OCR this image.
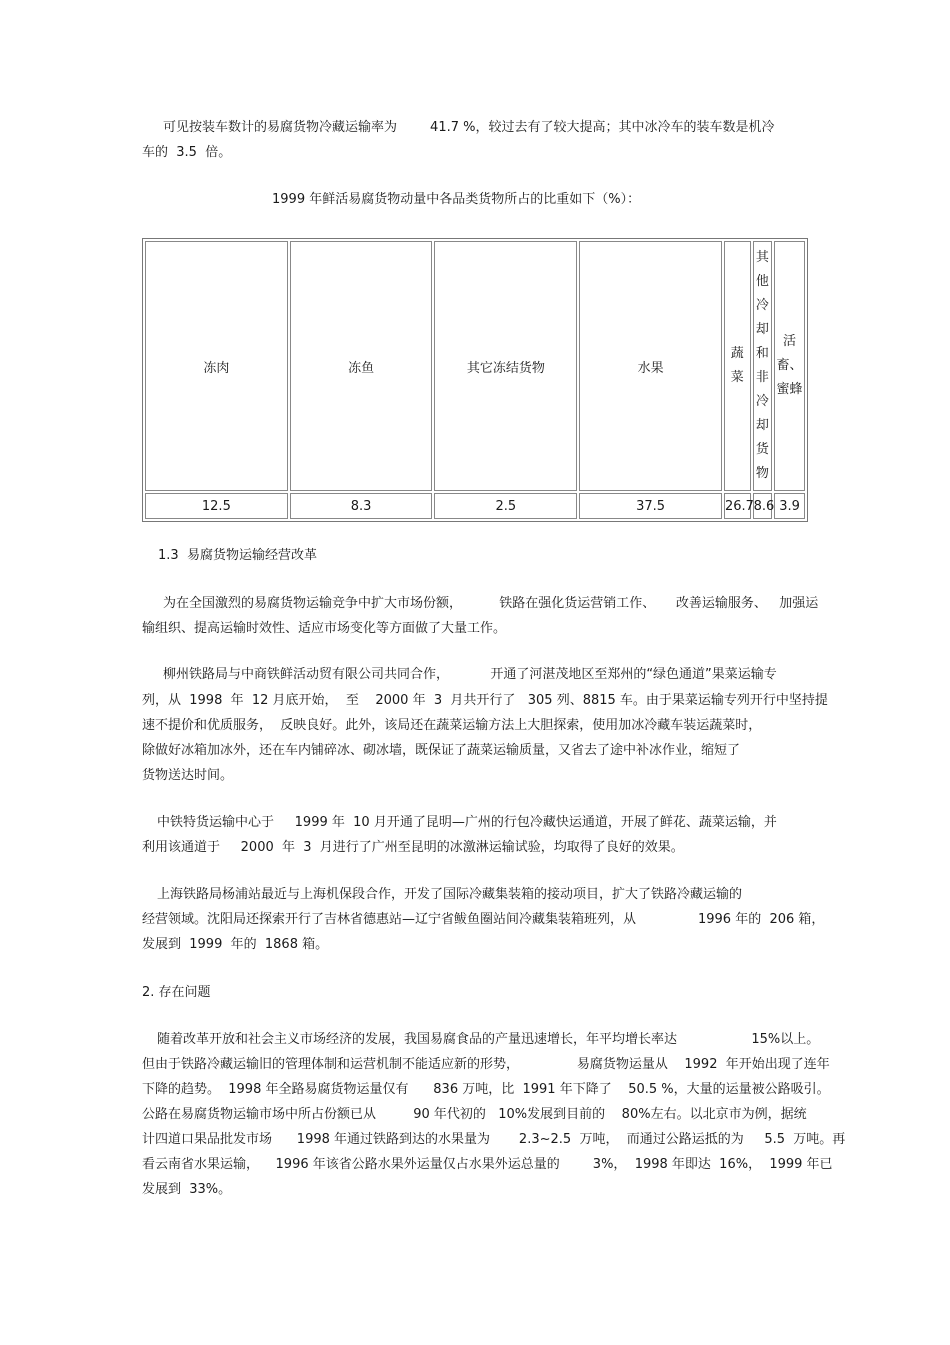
可见按装车数计的易腐货物冷藏运输率为        41.7 %，较过去有了较大提高；其中冰冷车的装车数是机冷
车的  3.5  倍。
1999 年鲜活易腐货物动量中各品类货物所占的比重如下（%）：
冻肉	冻鱼	其它冻结货物	水果	蔬菜	其他冷却和非冷却货物	活畜、蜜蜂
12.5	8.3	2.5	37.5	26.7	8.6	3.9
1.3  易腐货物运输经营改革
为在全国激烈的易腐货物运输竞争中扩大市场份额，         铁路在强化货运营销工作、     改善运输服务、   加强运
输组织、提高运输时效性、适应市场变化等方面做了大量工作。
柳州铁路局与中商铁鲜活动贸有限公司共同合作，          开通了河湛茂地区至郑州的“绿色通道”果菜运输专
列，从  1998  年  12 月底开始，  至    2000 年  3  月共开行了   305 列、8815 车。由于果菜运输专列开行中坚持提
速不提价和优质服务，  反映良好。此外，该局还在蔬菜运输方法上大胆探索，使用加冰冷藏车装运蔬菜时，
除做好冰箱加冰外，还在车内铺碎冰、砌冰墙，既保证了蔬菜运输质量，又省去了途中补冰作业，缩短了
货物送达时间。
中铁特货运输中心于     1999 年  10 月开通了昆明—广州的行包冷藏快运通道，开展了鲜花、蔬菜运输，并
利用该通道于     2000  年  3  月进行了广州至昆明的冰激淋运输试验，均取得了良好的效果。
上海铁路局杨浦站最近与上海机保段合作，开发了国际冷藏集装箱的接动项目，扩大了铁路冷藏运输的
经营领域。沈阳局还探索开行了吉林省德惠站—辽宁省鲅鱼圈站间冷藏集装箱班列，从               1996 年的  206 箱，
发展到  1999  年的  1868 箱。
2. 存在问题
随着改革开放和社会主义市场经济的发展，我国易腐食品的产量迅速增长，年平均增长率达                  15%以上。
但由于铁路冷藏运输旧的管理体制和运营机制不能适应新的形势，              易腐货物运量从    1992  年开始出现了连年
下降的趋势。  1998 年全路易腐货物运量仅有      836 万吨，比  1991 年下降了    50.5 %，大量的运量被公路吸引。
公路在易腐货物运输市场中所占份额已从         90 年代初的   10%发展到目前的    80%左右。以北京市为例，据统
计四道口果品批发市场      1998 年通过铁路到达的水果量为       2.3~2.5  万吨，  而通过公路运抵的为     5.5  万吨。再
看云南省水果运输，    1996 年该省公路水果外运量仅占水果外运总量的        3%，  1998 年即达  16%，  1999 年已
发展到  33%。
